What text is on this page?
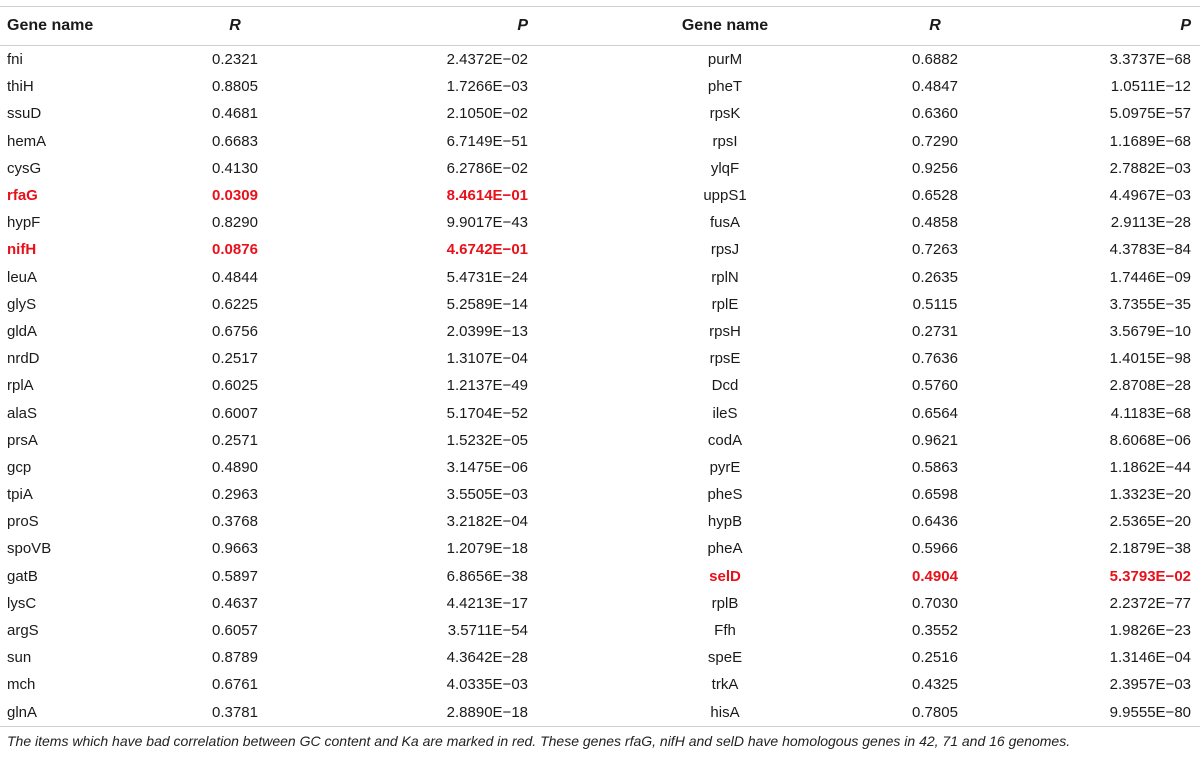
Gene name	R	P	Gene name	R	P
fni	0.2321	2.4372E−02	purM	0.6882	3.3737E−68
thiH	0.8805	1.7266E−03	pheT	0.4847	1.0511E−12
ssuD	0.4681	2.1050E−02	rpsK	0.6360	5.0975E−57
hemA	0.6683	6.7149E−51	rpsI	0.7290	1.1689E−68
cysG	0.4130	6.2786E−02	ylqF	0.9256	2.7882E−03
rfaG	0.0309	8.4614E−01	uppS1	0.6528	4.4967E−03
hypF	0.8290	9.9017E−43	fusA	0.4858	2.9113E−28
nifH	0.0876	4.6742E−01	rpsJ	0.7263	4.3783E−84
leuA	0.4844	5.4731E−24	rplN	0.2635	1.7446E−09
glyS	0.6225	5.2589E−14	rplE	0.5115	3.7355E−35
gldA	0.6756	2.0399E−13	rpsH	0.2731	3.5679E−10
nrdD	0.2517	1.3107E−04	rpsE	0.7636	1.4015E−98
rplA	0.6025	1.2137E−49	Dcd	0.5760	2.8708E−28
alaS	0.6007	5.1704E−52	ileS	0.6564	4.1183E−68
prsA	0.2571	1.5232E−05	codA	0.9621	8.6068E−06
gcp	0.4890	3.1475E−06	pyrE	0.5863	1.1862E−44
tpiA	0.2963	3.5505E−03	pheS	0.6598	1.3323E−20
proS	0.3768	3.2182E−04	hypB	0.6436	2.5365E−20
spoVB	0.9663	1.2079E−18	pheA	0.5966	2.1879E−38
gatB	0.5897	6.8656E−38	selD	0.4904	5.3793E−02
lysC	0.4637	4.4213E−17	rplB	0.7030	2.2372E−77
argS	0.6057	3.5711E−54	Ffh	0.3552	1.9826E−23
sun	0.8789	4.3642E−28	speE	0.2516	1.3146E−04
mch	0.6761	4.0335E−03	trkA	0.4325	2.3957E−03
glnA	0.3781	2.8890E−18	hisA	0.7805	9.9555E−80
The items which have bad correlation between GC content and Ka are marked in red. These genes rfaG, nifH and selD have homologous genes in 42, 71 and 16 genomes.
